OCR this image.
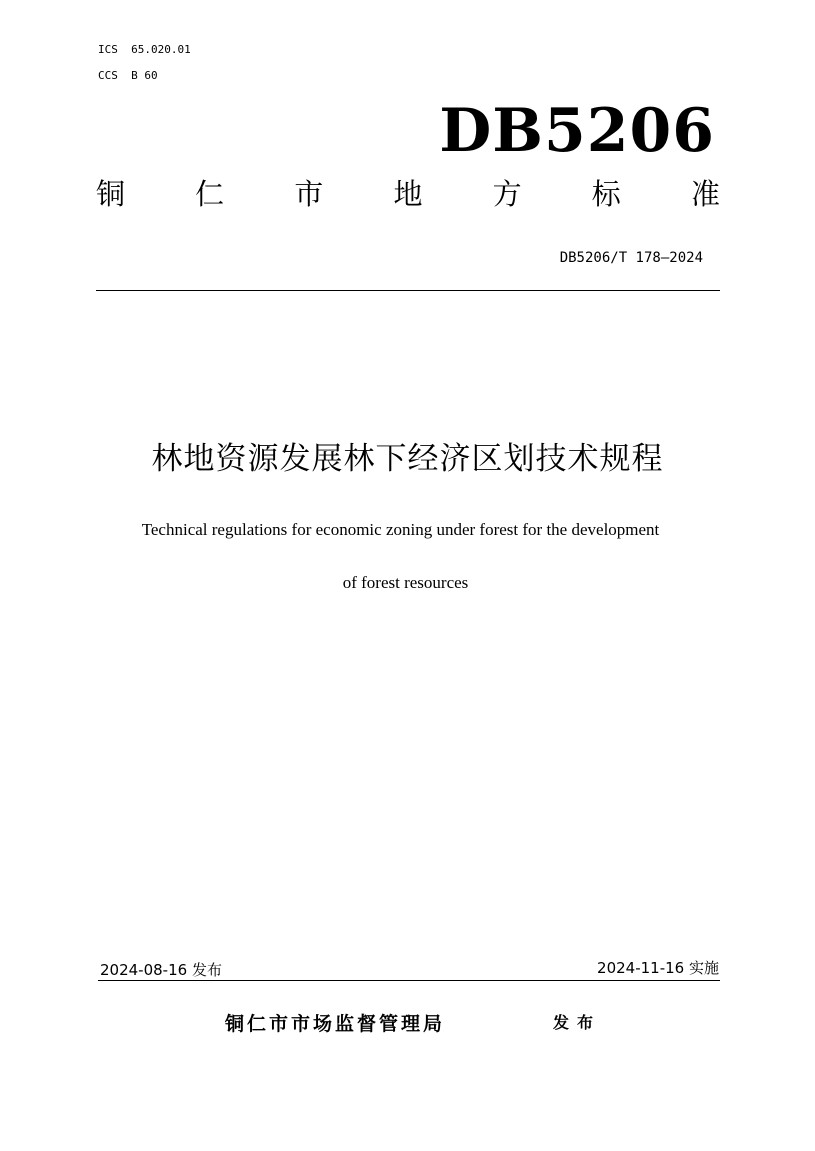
ICS  65.020.01
CCS  B 60
DB5206
铜 仁 市 地 方 标 准
DB5206/T 178—2024
林地资源发展林下经济区划技术规程
Technical regulations for economic zoning under forest for the development
of forest resources
2024-08-16 发布	2024-11-16 实施
铜仁市市场监督管理局	发布
